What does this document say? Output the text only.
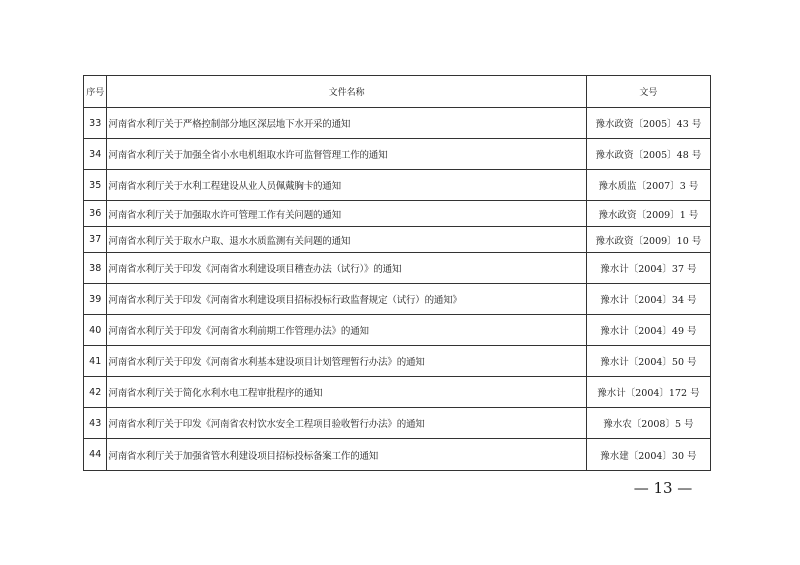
序号	文件名称	文号
33	河南省水利厅关于严格控制部分地区深层地下水开采的通知	豫水政资〔2005〕43 号
34	河南省水利厅关于加强全省小水电机组取水许可监督管理工作的通知	豫水政资〔2005〕48 号
35	河南省水利厅关于水利工程建设从业人员佩戴胸卡的通知	豫水质监〔2007〕3 号
36	河南省水利厅关于加强取水许可管理工作有关问题的通知	豫水政资〔2009〕1 号
37	河南省水利厅关于取水户取、退水水质监测有关问题的通知	豫水政资〔2009〕10 号
38	河南省水利厅关于印发《河南省水利建设项目稽查办法（试行）》的通知	豫水计〔2004〕37 号
39	河南省水利厅关于印发《河南省水利建设项目招标投标行政监督规定（试行）的通知》	豫水计〔2004〕34 号
40	河南省水利厅关于印发《河南省水利前期工作管理办法》的通知	豫水计〔2004〕49 号
41	河南省水利厅关于印发《河南省水利基本建设项目计划管理暂行办法》的通知	豫水计〔2004〕50 号
42	河南省水利厅关于简化水利水电工程审批程序的通知	豫水计〔2004〕172 号
43	河南省水利厅关于印发《河南省农村饮水安全工程项目验收暂行办法》的通知	豫水农〔2008〕5 号
44	河南省水利厅关于加强省管水利建设项目招标投标备案工作的通知	豫水建〔2004〕30 号
— 13 —
